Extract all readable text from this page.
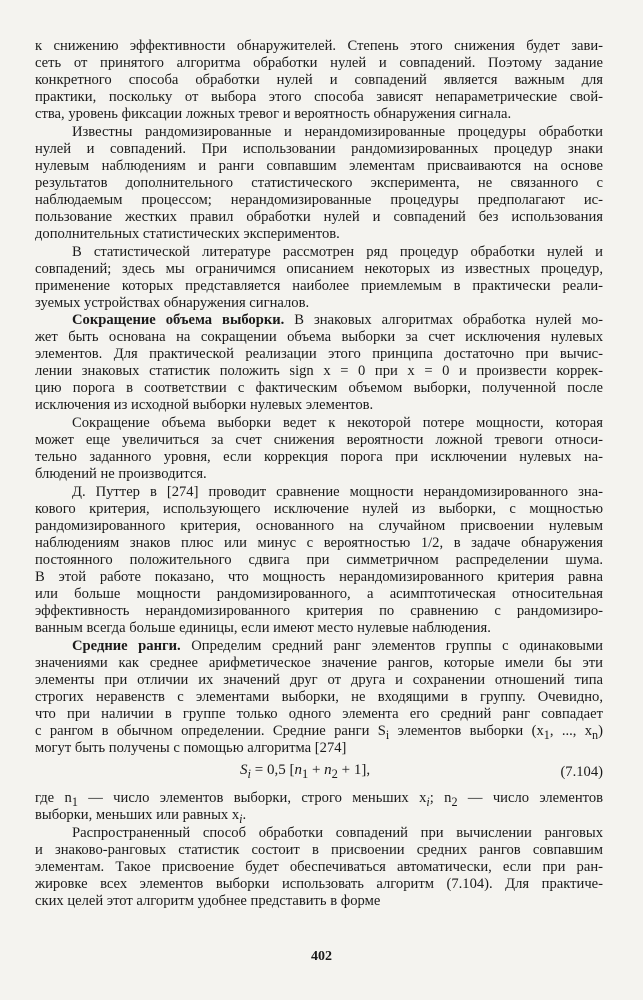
к снижению эффективности обнаружителей. Степень этого снижения будет зави-
сеть от принятого алгоритма обработки нулей и совпадений. Поэтому задание
конкретного способа обработки нулей и совпадений является важным для
практики, поскольку от выбора этого способа зависят непараметрические свой-
ства, уровень фиксации ложных тревог и вероятность обнаружения сигнала.
Известны рандомизированные и нерандомизированные процедуры обработки
нулей и совпадений. При использовании рандомизированных процедур знаки
нулевым наблюдениям и ранги совпавшим элементам присваиваются на основе
результатов дополнительного статистического эксперимента, не связанного с
наблюдаемым процессом; нерандомизированные процедуры предполагают ис-
пользование жестких правил обработки нулей и совпадений без использования
дополнительных статистических экспериментов.
В статистической литературе рассмотрен ряд процедур обработки нулей и
совпадений; здесь мы ограничимся описанием некоторых из известных процедур,
применение которых представляется наиболее приемлемым в практически реали-
зуемых устройствах обнаружения сигналов.
Сокращение объема выборки. В знаковых алгоритмах обработка нулей мо-
жет быть основана на сокращении объема выборки за счет исключения нулевых
элементов. Для практической реализации этого принципа достаточно при вычис-
лении знаковых статистик положить sign x = 0 при x = 0 и произвести коррек-
цию порога в соответствии с фактическим объемом выборки, полученной после
исключения из исходной выборки нулевых элементов.
Сокращение объема выборки ведет к некоторой потере мощности, которая
может еще увеличиться за счет снижения вероятности ложной тревоги относи-
тельно заданного уровня, если коррекция порога при исключении нулевых на-
блюдений не производится.
Д. Путтер в [274] проводит сравнение мощности нерандомизированного зна-
кового критерия, использующего исключение нулей из выборки, с мощностью
рандомизированного критерия, основанного на случайном присвоении нулевым
наблюдениям знаков плюс или минус с вероятностью 1/2, в задаче обнаружения
постоянного положительного сдвига при симметричном распределении шума.
В этой работе показано, что мощность нерандомизированного критерия равна
или больше мощности рандомизированного, а асимптотическая относительная
эффективность нерандомизированного критерия по сравнению с рандомизиро-
ванным всегда больше единицы, если имеют место нулевые наблюдения.
Средние ранги. Определим средний ранг элементов группы с одинаковыми
значениями как среднее арифметическое значение рангов, которые имели бы эти
элементы при отличии их значений друг от друга и сохранении отношений типа
строгих неравенств с элементами выборки, не входящими в группу. Очевидно,
что при наличии в группе только одного элемента его средний ранг совпадает
с рангом в обычном определении. Средние ранги $S_i$ элементов выборки ($x_1$, ..., $x_n$)
могут быть получены с помощью алгоритма [274]
$S_i = 0,5$ $[n_1 + n_2 + 1]$,	(7.104)
где $n_1$ — число элементов выборки, строго меньших $x_i$; $n_2$ — число элементов
выборки, меньших или равных $x_i$.
Распространенный способ обработки совпадений при вычислении ранговых
и знаково-ранговых статистик состоит в присвоении средних рангов совпавшим
элементам. Такое присвоение будет обеспечиваться автоматически, если при ран-
жировке всех элементов выборки использовать алгоритм (7.104). Для практиче-
ских целей этот алгоритм удобнее представить в форме
402
